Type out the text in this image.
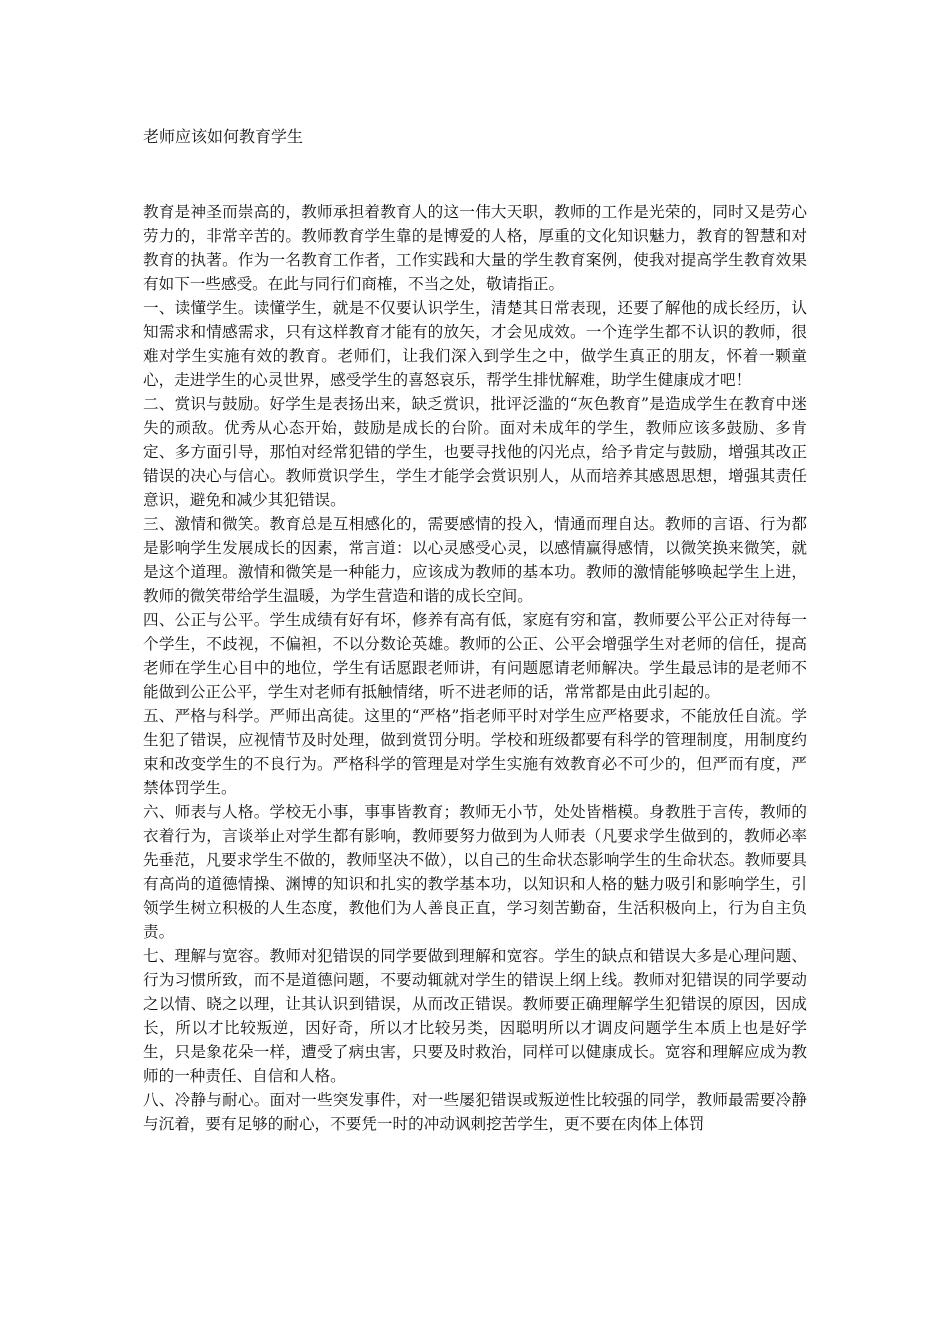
老师应该如何教育学生

教育是神圣而崇高的，教师承担着教育人的这一伟大天职，教师的工作是光荣的，同时又是劳心劳力的，非常辛苦的。教师教育学生靠的是博爱的人格，厚重的文化知识魅力，教育的智慧和对教育的执著。作为一名教育工作者，工作实践和大量的学生教育案例，使我对提高学生教育效果有如下一些感受。在此与同行们商榷，不当之处，敬请指正。

一、读懂学生。读懂学生，就是不仅要认识学生，清楚其日常表现，还要了解他的成长经历，认知需求和情感需求，只有这样教育才能有的放矢，才会见成效。一个连学生都不认识的教师，很难对学生实施有效的教育。老师们，让我们深入到学生之中，做学生真正的朋友，怀着一颗童心，走进学生的心灵世界，感受学生的喜怒哀乐，帮学生排忧解难，助学生健康成才吧！

二、赏识与鼓励。好学生是表扬出来，缺乏赏识，批评泛滥的“灰色教育”是造成学生在教育中迷失的顽敌。优秀从心态开始，鼓励是成长的台阶。面对未成年的学生，教师应该多鼓励、多肯定、多方面引导，那怕对经常犯错的学生，也要寻找他的闪光点，给予肯定与鼓励，增强其改正错误的决心与信心。教师赏识学生，学生才能学会赏识别人，从而培养其感恩思想，增强其责任意识，避免和减少其犯错误。

三、激情和微笑。教育总是互相感化的，需要感情的投入，情通而理自达。教师的言语、行为都是影响学生发展成长的因素，常言道：以心灵感受心灵，以感情赢得感情，以微笑换来微笑，就是这个道理。激情和微笑是一种能力，应该成为教师的基本功。教师的激情能够唤起学生上进，教师的微笑带给学生温暖，为学生营造和谐的成长空间。

四、公正与公平。学生成绩有好有坏，修养有高有低，家庭有穷和富，教师要公平公正对待每一个学生，不歧视，不偏袒，不以分数论英雄。教师的公正、公平会增强学生对老师的信任，提高老师在学生心目中的地位，学生有话愿跟老师讲，有问题愿请老师解决。学生最忌讳的是老师不能做到公正公平，学生对老师有抵触情绪，听不进老师的话，常常都是由此引起的。

五、严格与科学。严师出高徒。这里的“严格”指老师平时对学生应严格要求，不能放任自流。学生犯了错误，应视情节及时处理，做到赏罚分明。学校和班级都要有科学的管理制度，用制度约束和改变学生的不良行为。严格科学的管理是对学生实施有效教育必不可少的，但严而有度，严禁体罚学生。

六、师表与人格。学校无小事，事事皆教育；教师无小节，处处皆楷模。身教胜于言传，教师的衣着行为，言谈举止对学生都有影响，教师要努力做到为人师表（凡要求学生做到的，教师必率先垂范，凡要求学生不做的，教师坚决不做），以自己的生命状态影响学生的生命状态。教师要具有高尚的道德情操、渊博的知识和扎实的教学基本功，以知识和人格的魅力吸引和影响学生，引领学生树立积极的人生态度，教他们为人善良正直，学习刻苦勤奋，生活积极向上，行为自主负责。

七、理解与宽容。教师对犯错误的同学要做到理解和宽容。学生的缺点和错误大多是心理问题、行为习惯所致，而不是道德问题，不要动辄就对学生的错误上纲上线。教师对犯错误的同学要动之以情、晓之以理，让其认识到错误，从而改正错误。教师要正确理解学生犯错误的原因，因成长，所以才比较叛逆，因好奇，所以才比较另类，因聪明所以才调皮问题学生本质上也是好学生，只是象花朵一样，遭受了病虫害，只要及时救治，同样可以健康成长。宽容和理解应成为教师的一种责任、自信和人格。

八、冷静与耐心。面对一些突发事件，对一些屡犯错误或叛逆性比较强的同学，教师最需要冷静与沉着，要有足够的耐心，不要凭一时的冲动讽刺挖苦学生，更不要在肉体上体罚
